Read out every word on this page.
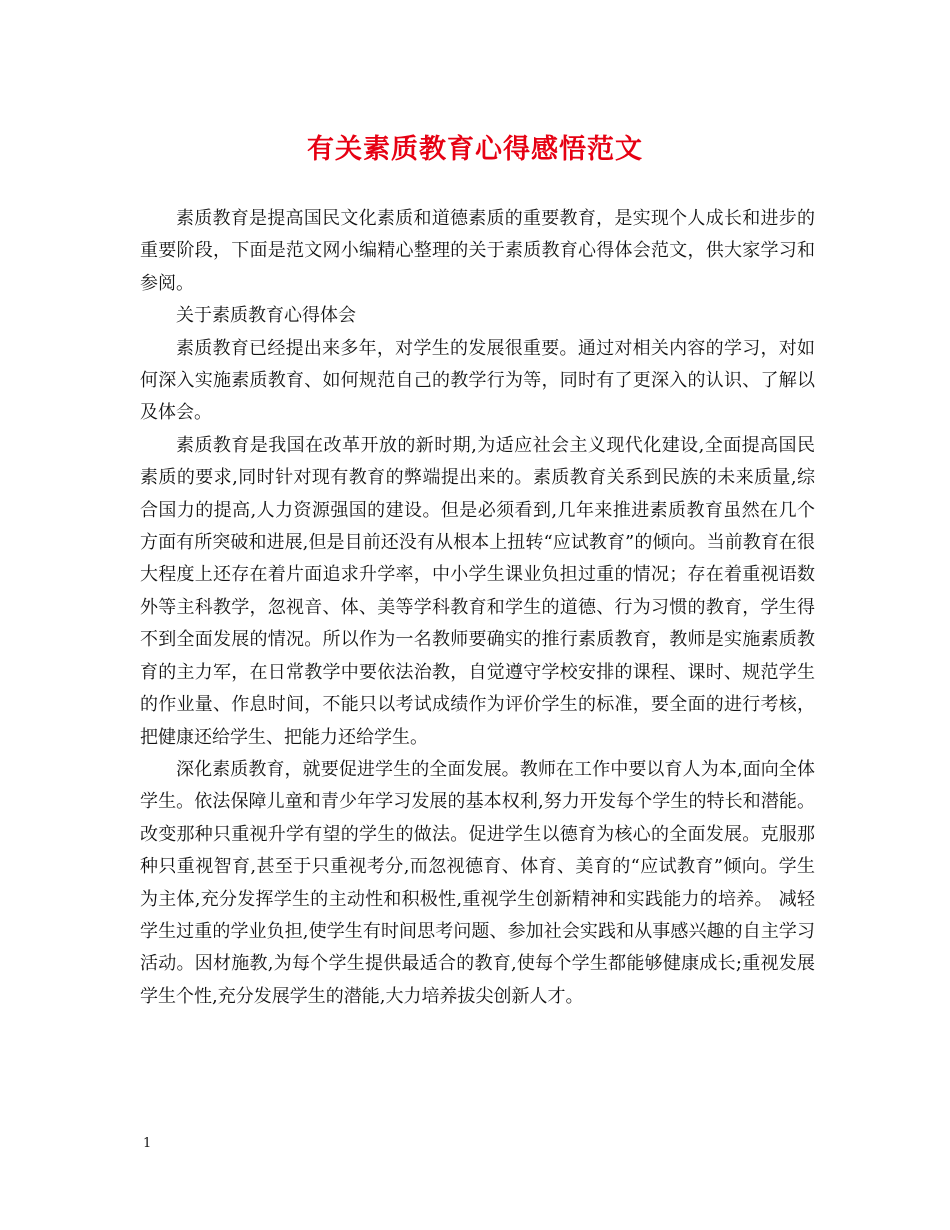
有关素质教育心得感悟范文

素质教育是提高国民文化素质和道德素质的重要教育，是实现个人成长和进步的重要阶段，下面是范文网小编精心整理的关于素质教育心得体会范文，供大家学习和参阅。

关于素质教育心得体会

素质教育已经提出来多年，对学生的发展很重要。通过对相关内容的学习，对如何深入实施素质教育、如何规范自己的教学行为等，同时有了更深入的认识、了解以及体会。

素质教育是我国在改革开放的新时期,为适应社会主义现代化建设,全面提高国民素质的要求,同时针对现有教育的弊端提出来的。素质教育关系到民族的未来质量,综合国力的提高,人力资源强国的建设。但是必须看到,几年来推进素质教育虽然在几个方面有所突破和进展,但是目前还没有从根本上扭转“应试教育”的倾向。当前教育在很大程度上还存在着片面追求升学率，中小学生课业负担过重的情况；存在着重视语数外等主科教学，忽视音、体、美等学科教育和学生的道德、行为习惯的教育，学生得不到全面发展的情况。所以作为一名教师要确实的推行素质教育，教师是实施素质教育的主力军，在日常教学中要依法治教，自觉遵守学校安排的课程、课时、规范学生的作业量、作息时间，不能只以考试成绩作为评价学生的标准，要全面的进行考核，把健康还给学生、把能力还给学生。

深化素质教育，就要促进学生的全面发展。教师在工作中要以育人为本,面向全体学生。依法保障儿童和青少年学习发展的基本权利,努力开发每个学生的特长和潜能。改变那种只重视升学有望的学生的做法。促进学生以德育为核心的全面发展。克服那种只重视智育,甚至于只重视考分,而忽视德育、体育、美育的“应试教育”倾向。学生为主体,充分发挥学生的主动性和积极性,重视学生创新精神和实践能力的培养。 减轻学生过重的学业负担,使学生有时间思考问题、参加社会实践和从事感兴趣的自主学习活动。因材施教,为每个学生提供最适合的教育,使每个学生都能够健康成长;重视发展学生个性,充分发展学生的潜能,大力培养拔尖创新人才。

1
